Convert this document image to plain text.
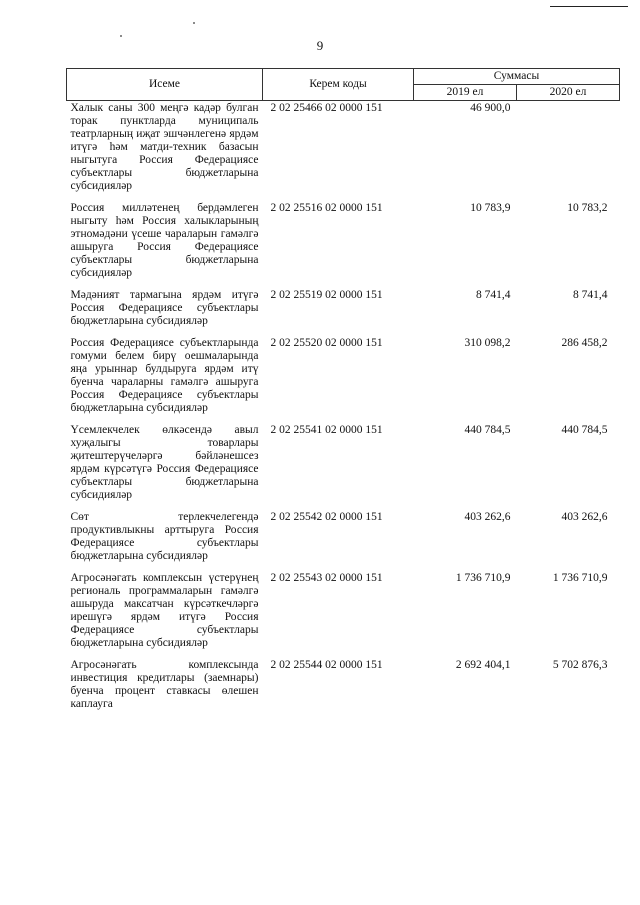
9
Исеме	Керем коды	Суммасы	
		2019 ел	2020 ел
Халык саны 300 меңгә кадәр булган торак пунктларда муниципаль театрларның иҗат эшчәнлегенә ярдәм итүгә һәм матди-техник базасын ныгытуга Россия Федерациясе субъектлары бюджетларына субсидияләр	2 02 25466 02 0000 151	46 900,0	
Россия милләтенең бердәмлеген ныгыту һәм Россия халыкларының этномәдәни үсеше чараларын гамәлгә ашыруга Россия Федерациясе субъектлары бюджетларына субсидияләр	2 02 25516 02 0000 151	10 783,9	10 783,2
Мәдәният тармагына ярдәм итүгә Россия Федерациясе субъектлары бюджетларына субсидияләр	2 02 25519 02 0000 151	8 741,4	8 741,4
Россия Федерациясе субъектларында гомуми белем бирү оешмаларында яңа урыннар булдыруга ярдәм итү буенча чараларны гамәлгә ашыруга Россия Федерациясе субъектлары бюджетларына субсидияләр	2 02 25520 02 0000 151	310 098,2	286 458,2
Үсемлекчелек өлкәсендә авыл хуҗалыгы товарлары җитештерүчеләргә бәйләнешсез ярдәм күрсәтүгә Россия Федерациясе субъектлары бюджетларына субсидияләр	2 02 25541 02 0000 151	440 784,5	440 784,5
Сөт терлекчелегендә продуктивлыкны арттыруга Россия Федерациясе субъектлары бюджетларына субсидияләр	2 02 25542 02 0000 151	403 262,6	403 262,6
Агросәнәгать комплексын үстерүнең региональ программаларын гамәлгә ашыруда максатчан күрсәткечләргә ирешүгә ярдәм итүгә Россия Федерациясе субъектлары бюджетларына субсидияләр	2 02 25543 02 0000 151	1 736 710,9	1 736 710,9
Агросәнәгать комплексында инвестиция кредитлары (заемнары) буенча процент ставкасы өлешен каплауга	2 02 25544 02 0000 151	2 692 404,1	5 702 876,3
